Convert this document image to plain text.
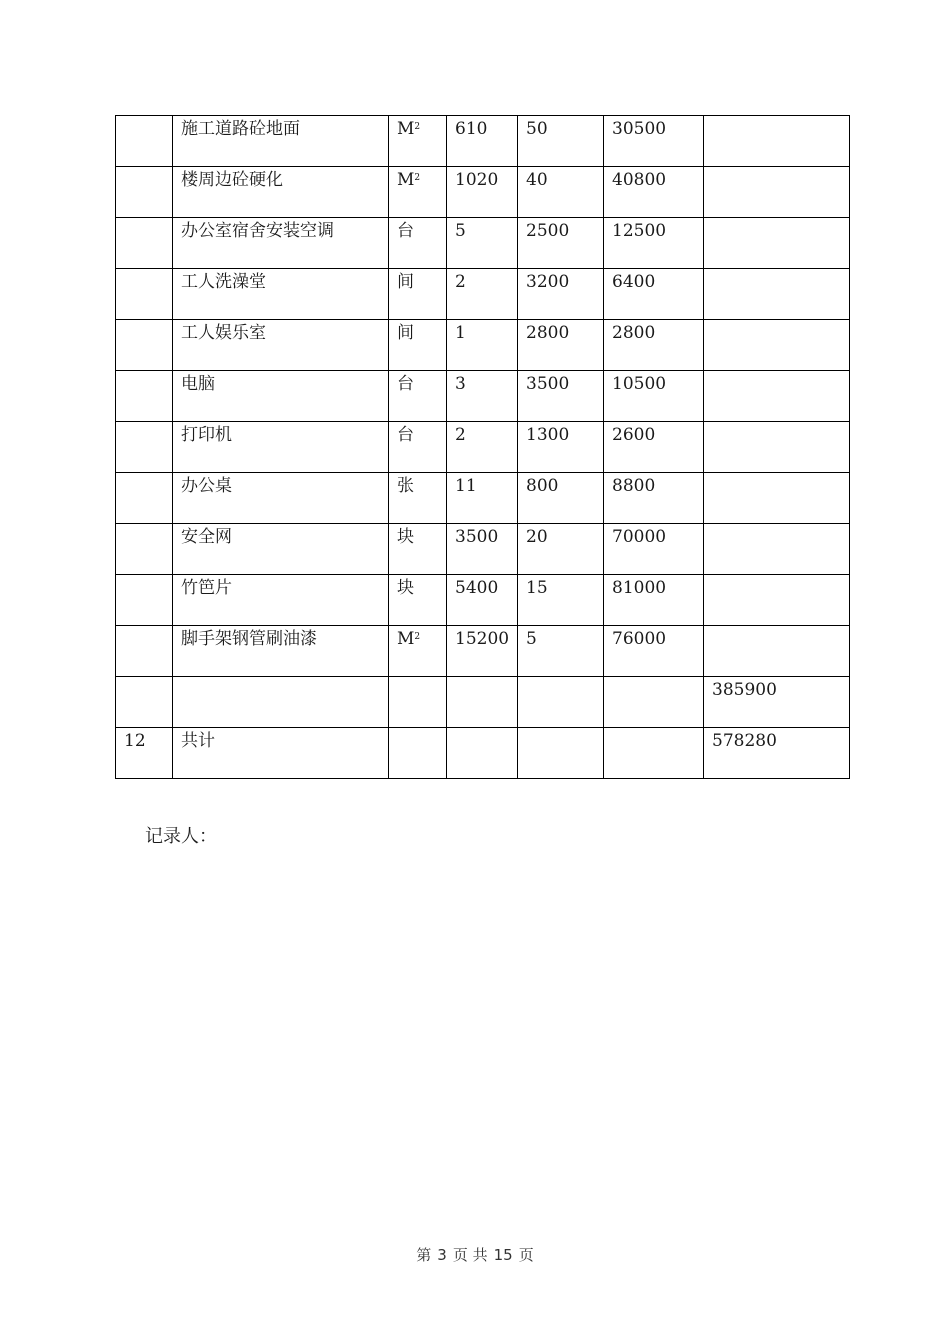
	施工道路砼地面	$M^2$	610	50	30500	
	楼周边砼硬化	$M^2$	1020	40	40800	
	办公室宿舍安装空调	台	5	2500	12500	
	工人洗澡堂	间	2	3200	6400	
	工人娱乐室	间	1	2800	2800	
	电脑	台	3	3500	10500	
	打印机	台	2	1300	2600	
	办公桌	张	11	800	8800	
	安全网	块	3500	20	70000	
	竹笆片	块	5400	15	81000	
	脚手架钢管刷油漆	$M^2$	15200	5	76000	
						385900
12	共计					578280
记录人：
第 3 页 共 15 页
